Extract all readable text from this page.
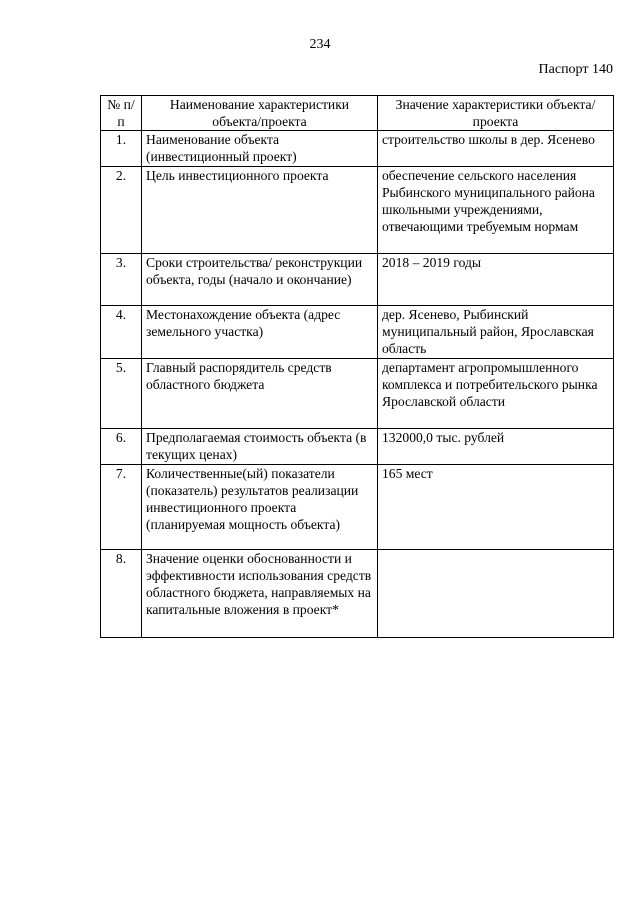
234
Паспорт 140
№ п/п	Наименование характеристики объекта/проекта	Значение характеристики объекта/проекта
1.	Наименование объекта (инвестиционный проект)	строительство школы в дер. Ясенево
2.	Цель инвестиционного проекта	обеспечение сельского населения Рыбинского муниципального района школьными учреждениями, отвечающими требуемым нормам
3.	Сроки строительства/ реконструкции объекта, годы (начало и окончание)	2018 – 2019 годы
4.	Местонахождение объекта (адрес земельного участка)	дер. Ясенево, Рыбинский муниципальный район, Ярославская область
5.	Главный распорядитель средств областного бюджета	департамент агропромышленного комплекса и потребительского рынка Ярославской области
6.	Предполагаемая стоимость объекта (в текущих ценах)	132000,0 тыс. рублей
7.	Количественные(ый) показатели (показатель) результатов реализации инвестиционного проекта (планируемая мощность объекта)	165 мест
8.	Значение оценки обоснованности и эффективности использования средств областного бюджета, направляемых на капитальные вложения в проект*	
